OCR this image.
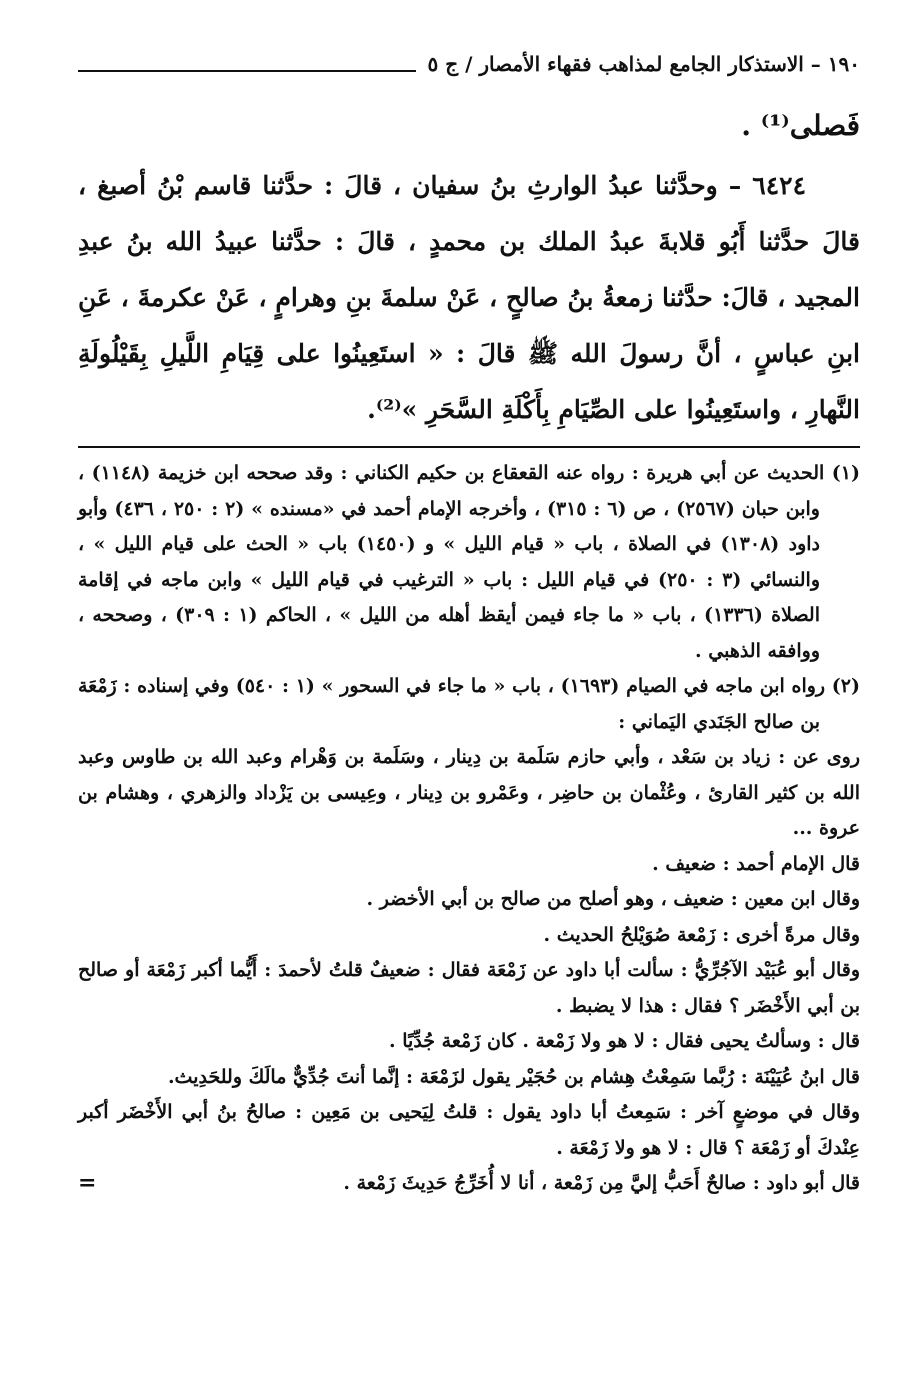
١٩٠ – الاستذكار الجامع لمذاهب فقهاء الأمصار / ج ٥

فَصلى⁽¹⁾ .

٦٤٢٤ – وحدَّثنا عبدُ الوارثِ بنُ سفيان ، قالَ : حدَّثنا قاسم بْنُ أصبغ ، قالَ حدَّثنا أَبُو قلابةَ عبدُ الملك بن محمدٍ ، قالَ : حدَّثنا عبيدُ الله بنُ عبدِ المجيد ، قالَ: حدَّثنا زمعةُ بنُ صالحٍ ، عَنْ سلمةَ بنِ وهرامٍ ، عَنْ عكرمةَ ، عَنِ ابنِ عباسٍ ، أنَّ رسولَ الله ﷺ قالَ : « استَعِينُوا على قِيَامِ اللَّيلِ بِقَيْلُولَةِ النَّهارِ ، واستَعِينُوا على الصِّيَامِ بِأَكْلَةِ السَّحَرِ »⁽²⁾.

(١) الحديث عن أبي هريرة : رواه عنه القعقاع بن حكيم الكناني : وقد صححه ابن خزيمة (١١٤٨) ، وابن حبان (٢٥٦٧) ، ص (٦ : ٣١٥) ، وأخرجه الإمام أحمد في «مسنده » (٢ : ٢٥٠ ، ٤٣٦) وأبو داود (١٣٠٨) في الصلاة ، باب « قيام الليل » و (١٤٥٠) باب « الحث على قيام الليل » ، والنسائي (٣ : ٢٥٠) في قيام الليل : باب « الترغيب في قيام الليل » وابن ماجه في إقامة الصلاة (١٣٣٦) ، باب « ما جاء فيمن أيقظ أهله من الليل » ، الحاكم (١ : ٣٠٩) ، وصححه ، ووافقه الذهبي .
(٢) رواه ابن ماجه في الصيام (١٦٩٣) ، باب « ما جاء في السحور » (١ : ٥٤٠) وفي إسناده : زَمْعَة بن صالح الجَنَدي اليَماني :

روى عن : زياد بن سَعْد ، وأبي حازم سَلَمة بن دِينار ، وسَلَمة بن وَهْرام وعبد الله بن طاوس وعبد الله بن كثير القارئ ، وعُثْمان بن حاضِر ، وعَمْرو بن دِينار ، وعِيسى بن يَزْداد والزهري ، وهشام بن عروة ...

قال الإمام أحمد : ضعيف .

وقال ابن معين : ضعيف ، وهو أصلح من صالح بن أبي الأخضر .

وقال مرةً أخرى : زَمْعة صُوَيْلحُ الحديث .

وقال أبو عُبَيْد الآجُرِّيُّ : سألت أبا داود عن زَمْعَة فقال : ضعيفٌ قلتُ لأحمدَ : أَيُّما أكبر زَمْعَة أو صالح بن أبي الأَخْضَر ؟ فقال : هذا لا يضبط .

قال : وسألتُ يحيى فقال : لا هو ولا زَمْعة . كان زَمْعة جُدِّيًا .

قال ابنُ عُيَيْنَة : رُبَّما سَمِعْتُ هِشام بن حُجَيْر يقول لزَمْعَة : إنَّما أنتَ جُدِّيٌّ مالَكَ وللحَدِيث.

وقال في موضعٍ آخر : سَمِعتُ أبا داود يقول : قلتُ لِيَحيى بن مَعِين : صالحُ بنُ أبي الأَخْضَر أكبر عِنْدكَ أو زَمْعَة ؟ قال : لا هو ولا زَمْعَة .

قال أبو داود : صالحٌ أَحَبُّ إليَّ مِن زَمْعة ، أنا لا أُخَرِّجُ حَدِيثَ زَمْعة .
=
